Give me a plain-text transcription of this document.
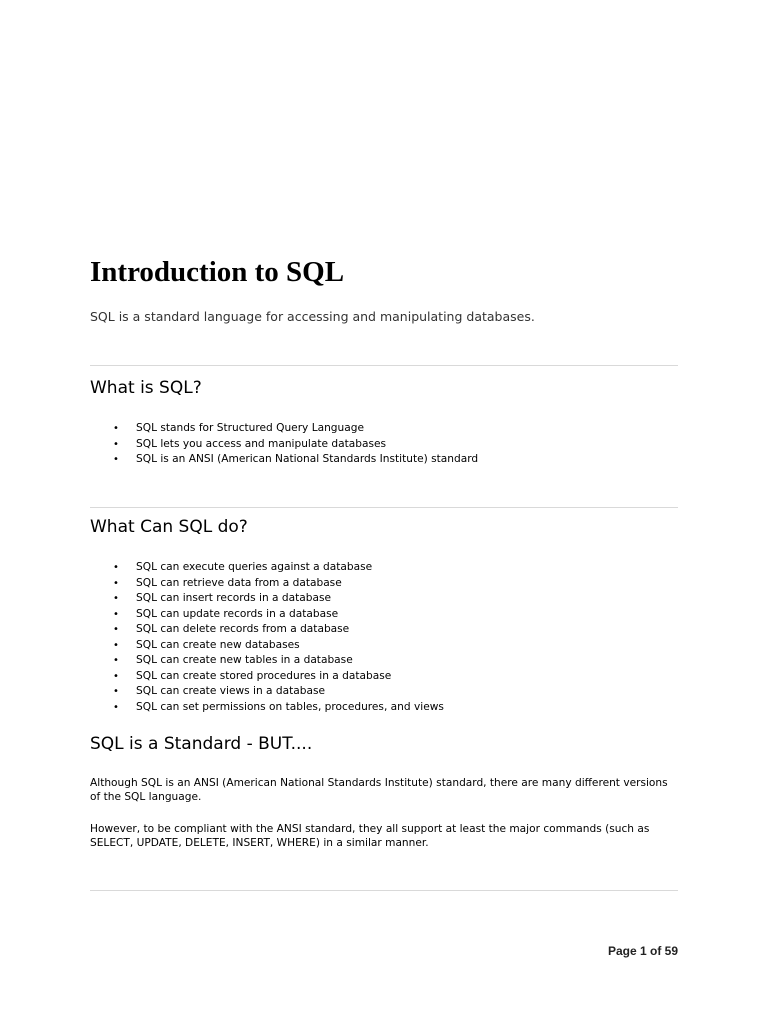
Introduction to SQL

SQL is a standard language for accessing and manipulating databases.

What is SQL?
• SQL stands for Structured Query Language
• SQL lets you access and manipulate databases
• SQL is an ANSI (American National Standards Institute) standard
What Can SQL do?
• SQL can execute queries against a database
• SQL can retrieve data from a database
• SQL can insert records in a database
• SQL can update records in a database
• SQL can delete records from a database
• SQL can create new databases
• SQL can create new tables in a database
• SQL can create stored procedures in a database
• SQL can create views in a database
• SQL can set permissions on tables, procedures, and views
SQL is a Standard - BUT....

Although SQL is an ANSI (American National Standards Institute) standard, there are many different versions of the SQL language.

However, to be compliant with the ANSI standard, they all support at least the major commands (such as SELECT, UPDATE, DELETE, INSERT, WHERE) in a similar manner.

Page 1 of 59
